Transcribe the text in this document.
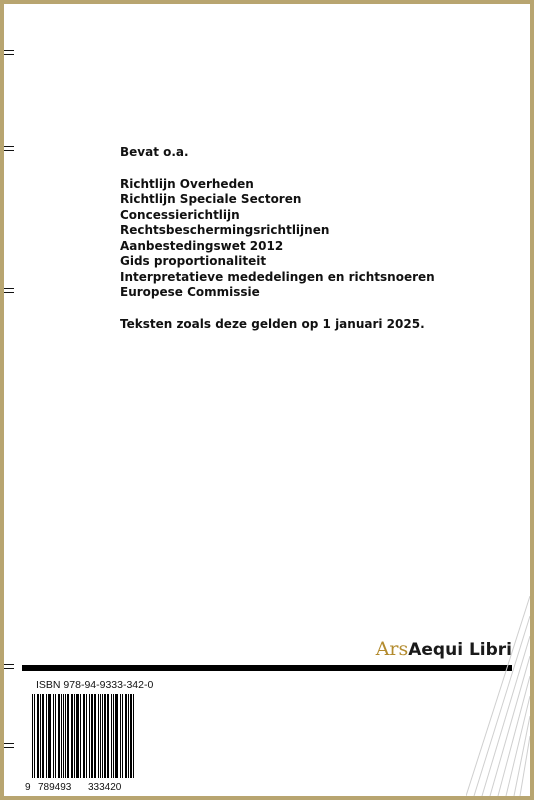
Bevat o.a.
Richtlijn Overheden
Richtlijn Speciale Sectoren
Concessierichtlijn
Rechtsbeschermingsrichtlijnen
Aanbestedingswet 2012
Gids proportionaliteit
Interpretatieve mededelingen en richtsnoeren
Europese Commissie
Teksten zoals deze gelden op 1 januari 2025.
ArsAequi Libri
ISBN 978-94-9333-342-0
9 789493 333420
